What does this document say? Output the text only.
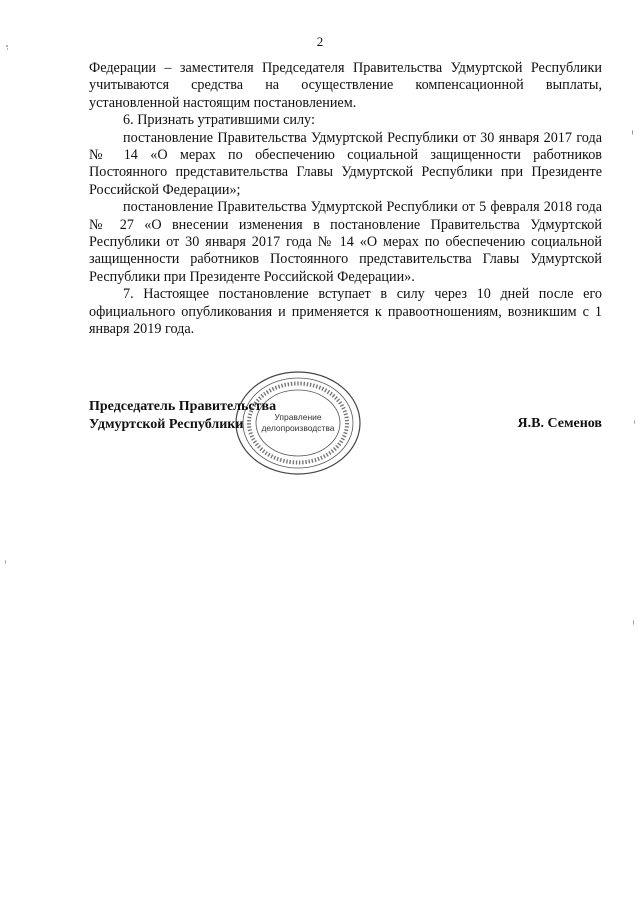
2

Федерации – заместителя Председателя Правительства Удмуртской Республики учитываются средства на осуществление компенсационной выплаты, установленной настоящим постановлением.

6. Признать утратившими силу:

постановление Правительства Удмуртской Республики от 30 января 2017 года № 14 «О мерах по обеспечению социальной защищенности работников Постоянного представительства Главы Удмуртской Республики при Президенте Российской Федерации»;

постановление Правительства Удмуртской Республики от 5 февраля 2018 года № 27 «О внесении изменения в постановление Правительства Удмуртской Республики от 30 января 2017 года № 14 «О мерах по обеспечению социальной защищенности работников Постоянного представительства Главы Удмуртской Республики при Президенте Российской Федерации».

7. Настоящее постановление вступает в силу через 10 дней после его официального опубликования и применяется к правоотношениям, возникшим с 1 января 2019 года.

Управление
делопроизводства
Председатель Правительства
Удмуртской Республики	Я.В. Семенов
